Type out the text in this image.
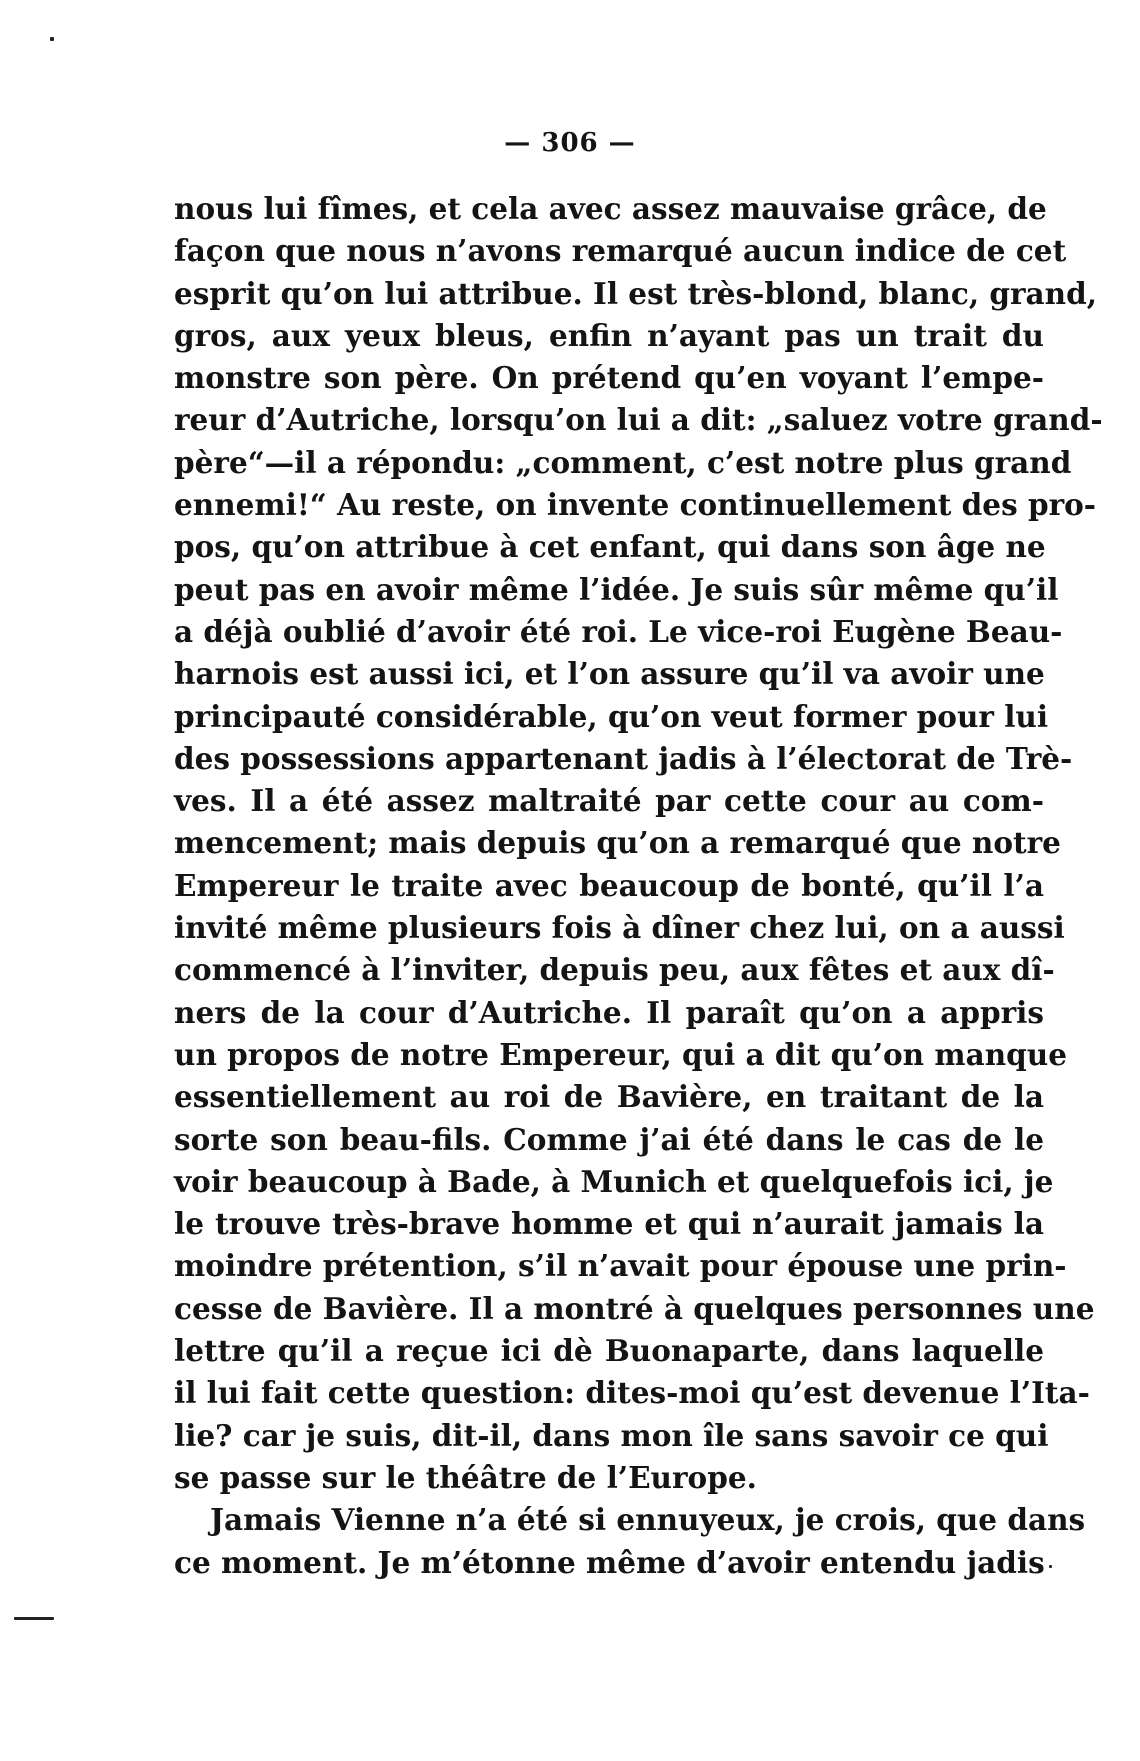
— 306 —
nous lui fîmes, et cela avec assez mauvaise grâce, de
façon que nous n’avons remarqué aucun indice de cet
esprit qu’on lui attribue. Il est très-blond, blanc, grand,
gros, aux yeux bleus, enfin n’ayant pas un trait du
monstre son père. On prétend qu’en voyant l’empe-
reur d’Autriche, lorsqu’on lui a dit: „saluez votre grand-
père“—il a répondu: „comment, c’est notre plus grand
ennemi!“ Au reste, on invente continuellement des pro-
pos, qu’on attribue à cet enfant, qui dans son âge ne
peut pas en avoir même l’idée. Je suis sûr même qu’il
a déjà oublié d’avoir été roi. Le vice-roi Eugène Beau-
harnois est aussi ici, et l’on assure qu’il va avoir une
principauté considérable, qu’on veut former pour lui
des possessions appartenant jadis à l’électorat de Trè-
ves. Il a été assez maltraité par cette cour au com-
mencement; mais depuis qu’on a remarqué que notre
Empereur le traite avec beaucoup de bonté, qu’il l’a
invité même plusieurs fois à dîner chez lui, on a aussi
commencé à l’inviter, depuis peu, aux fêtes et aux dî-
ners de la cour d’Autriche. Il paraît qu’on a appris
un propos de notre Empereur, qui a dit qu’on manque
essentiellement au roi de Bavière, en traitant de la
sorte son beau-fils. Comme j’ai été dans le cas de le
voir beaucoup à Bade, à Munich et quelquefois ici, je
le trouve très-brave homme et qui n’aurait jamais la
moindre prétention, s’il n’avait pour épouse une prin-
cesse de Bavière. Il a montré à quelques personnes une
lettre qu’il a reçue ici dè Buonaparte, dans laquelle
il lui fait cette question: dites-moi qu’est devenue l’Ita-
lie? car je suis, dit-il, dans mon île sans savoir ce qui
se passe sur le théâtre de l’Europe.
Jamais Vienne n’a été si ennuyeux, je crois, que dans
ce moment. Je m’étonne même d’avoir entendu jadis
